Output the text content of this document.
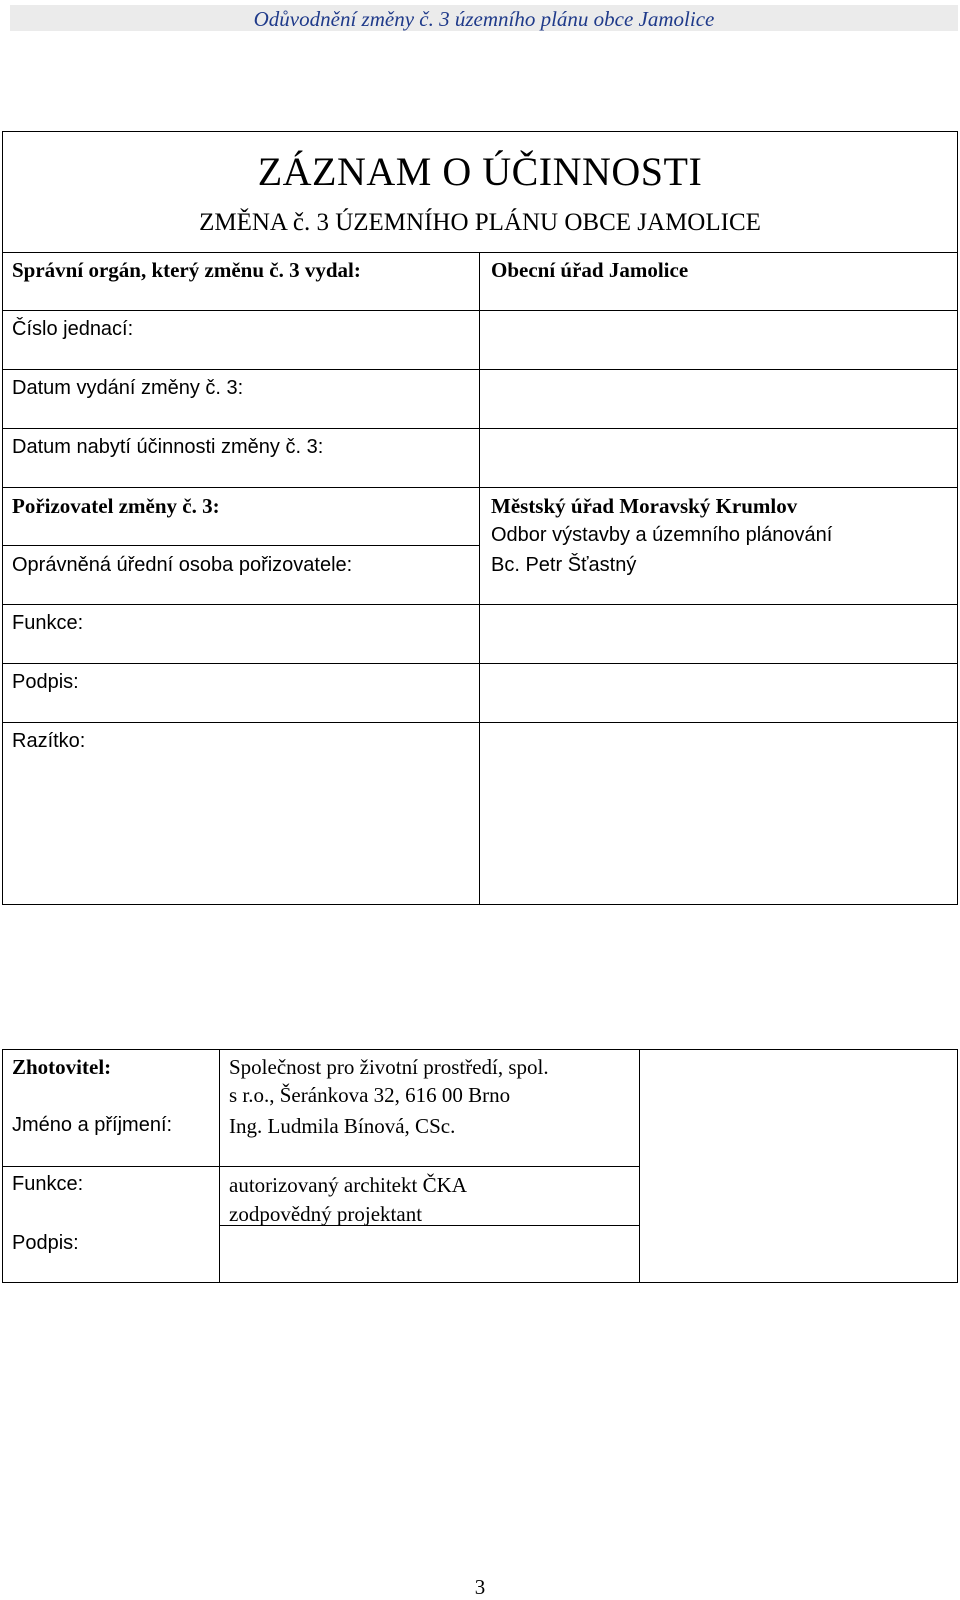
Odůvodnění změny č. 3 územního plánu obce Jamolice
ZÁZNAM O ÚČINNOSTI
ZMĚNA č. 3 ÚZEMNÍHO PLÁNU OBCE JAMOLICE
Správní orgán, který změnu č. 3 vydal:	Obecní úřad Jamolice
Číslo jednací:
Datum vydání změny č. 3:
Datum nabytí účinnosti změny č. 3:
Pořizovatel změny č. 3:	Městský úřad Moravský Krumlov
Odbor výstavby a územního plánování
Oprávněná úřední osoba pořizovatele:	Bc. Petr Šťastný
Funkce:
Podpis:
Razítko:
Zhotovitel:	Společnost pro životní prostředí, spol.
s r.o., Šeránkova 32, 616 00 Brno
Jméno a příjmení:	Ing. Ludmila Bínová, CSc.
Funkce:	autorizovaný architekt ČKA
zodpovědný projektant
Podpis:
3
